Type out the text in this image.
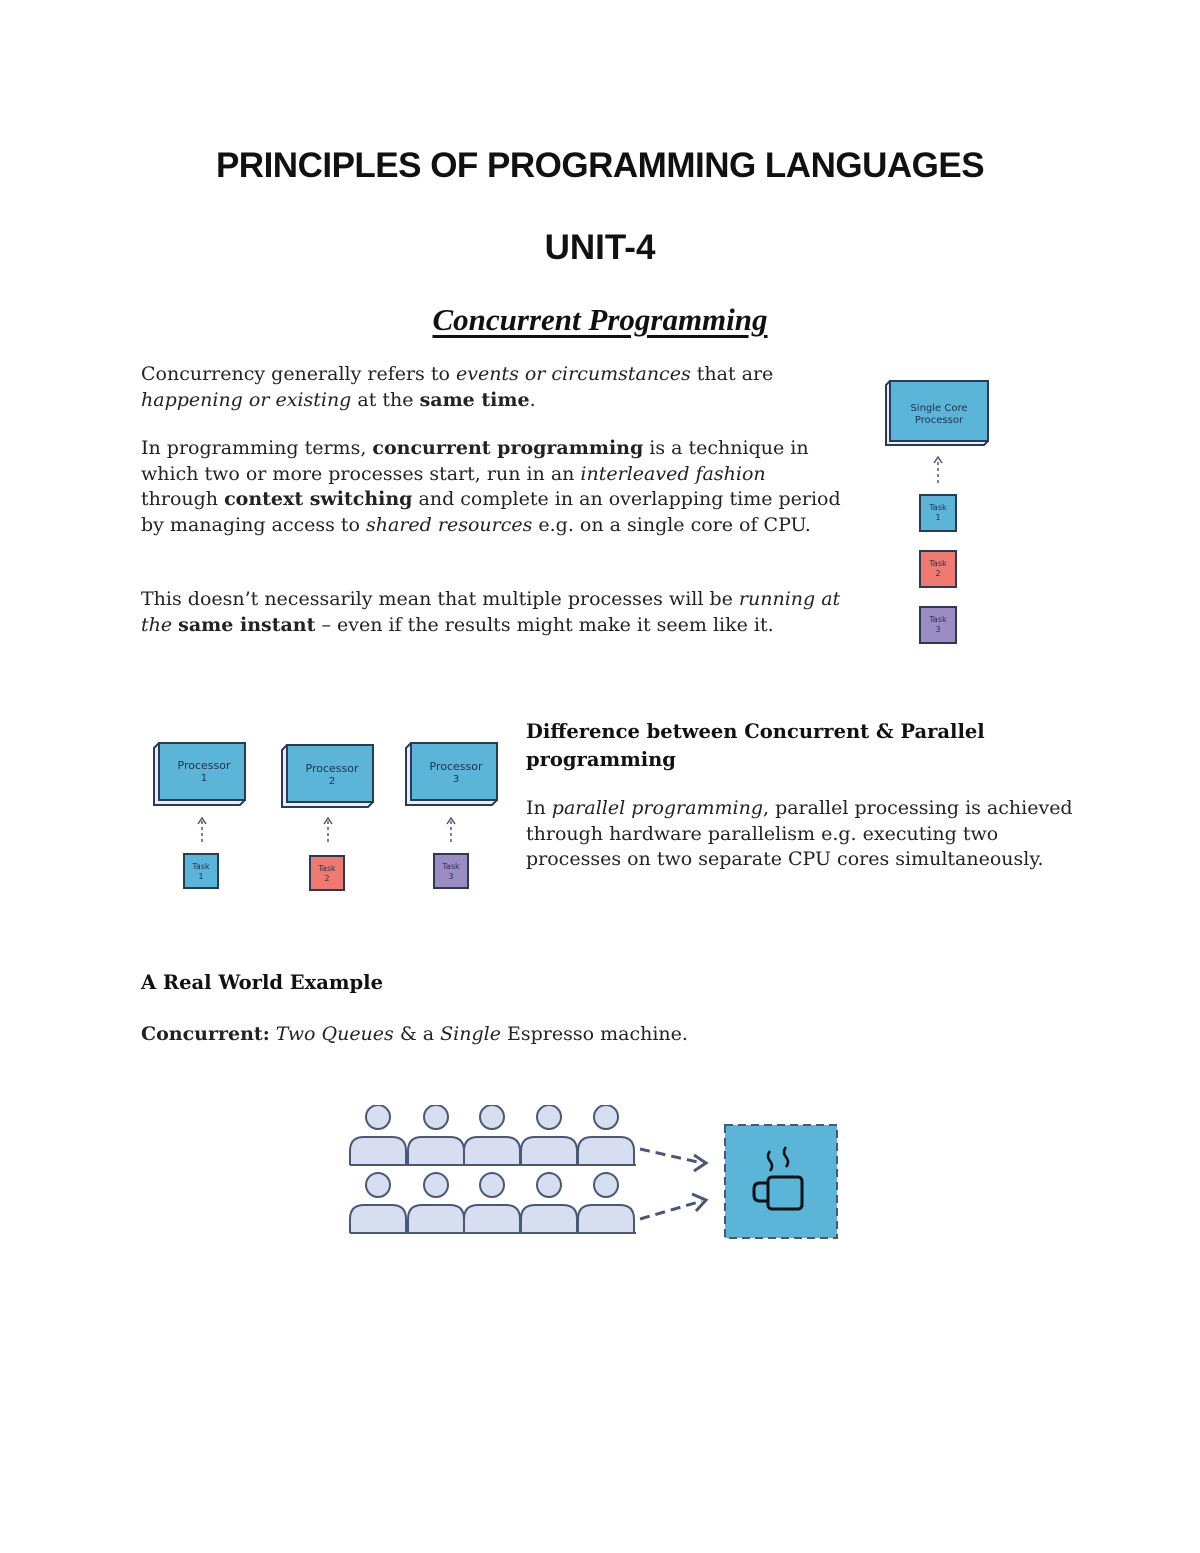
PRINCIPLES OF PROGRAMMING LANGUAGES
UNIT-4
Concurrent Programming
Concurrency generally refers to events or circumstances that are happening or existing at the same time.
In programming terms, concurrent programming is a technique in which two or more processes start, run in an interleaved fashion through context switching and complete in an overlapping time period by managing access to shared resources e.g. on a single core of CPU.
This doesn’t necessarily mean that multiple processes will be running at the same instant – even if the results might make it seem like it.
Single Core
Processor
Task
1
Task
2
Task
3
Processor
1
Task
1
Processor
2
Task
2
Processor
3
Task
3
Difference between Concurrent & Parallel programming
In parallel programming, parallel processing is achieved through hardware parallelism e.g. executing two processes on two separate CPU cores simultaneously.
A Real World Example
Concurrent: Two Queues & a Single Espresso machine.
